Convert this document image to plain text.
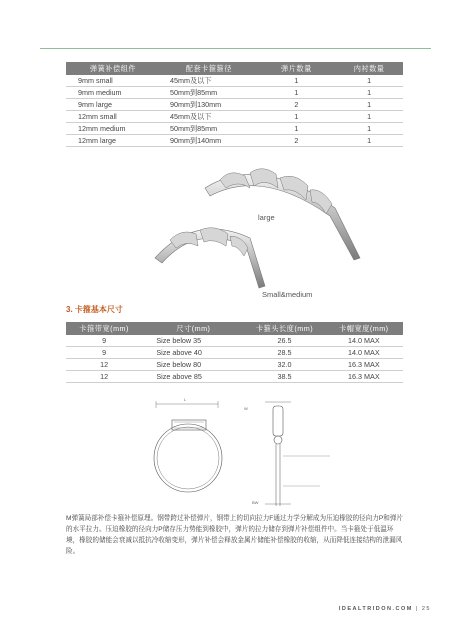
弹簧补偿组件	配套卡箍箍径	弹片数量	内衬数量
9mm small	45mm及以下	1	1
9mm medium	50mm到85mm	1	1
9mm large	90mm到130mm	2	1
12mm small	45mm及以下	1	1
12mm medium	50mm到85mm	1	1
12mm large	90mm到140mm	2	1
large
Small&medium
3. 卡箍基本尺寸
卡箍带宽(mm)	尺寸(mm)	卡箍头长度(mm)	卡帽宽度(mm)
9	Size below 35	26.5	14.0 MAX
9	Size above 40	28.5	14.0 MAX
12	Size below 80	32.0	16.3 MAX
12	Size above 85	38.5	16.3 MAX
L
W
BW
M弹簧局部补偿卡箍补偿原理。钢带跨过补偿弹片，钢带上的切向拉力F通过力学分解成为压迫橡胶的径向力P和弹片的水平拉力。压迫橡胶的径向力P储存压力势能到橡胶中，弹片的拉力储存到弹片补偿组件中。当卡箍处于低温环境，橡胶的储能会衰减以抵抗冷收缩变形，弹片补偿会释放金属片储能补偿橡胶的收缩，从而降低连接结构的泄漏风险。
IDEALTRIDON.COM | 25
